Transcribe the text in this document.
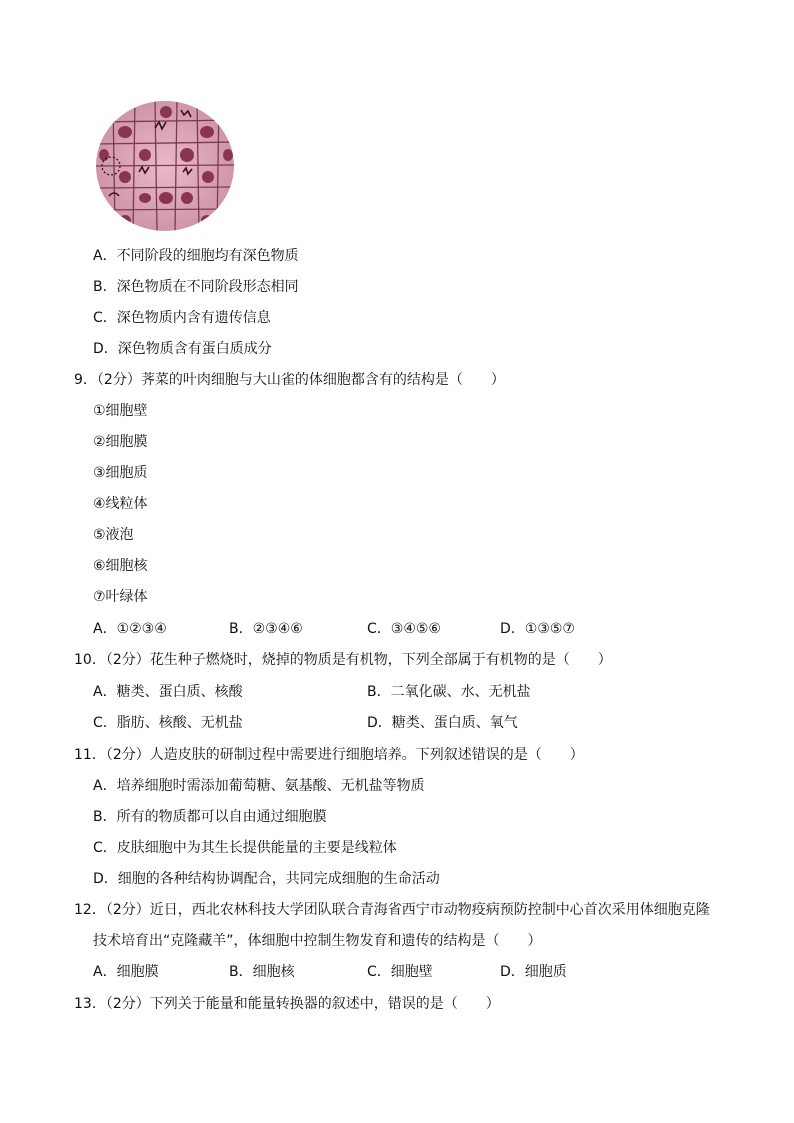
A．不同阶段的细胞均有深色物质
B．深色物质在不同阶段形态相同
C．深色物质内含有遗传信息
D．深色物质含有蛋白质成分
9．（2分）荠菜的叶肉细胞与大山雀的体细胞都含有的结构是（　　）
①细胞壁
②细胞膜
③细胞质
④线粒体
⑤液泡
⑥细胞核
⑦叶绿体
A．①②③④	B．②③④⑥	C．③④⑤⑥	D．①③⑤⑦
10．（2分）花生种子燃烧时，烧掉的物质是有机物，下列全部属于有机物的是（　　）
A．糖类、蛋白质、核酸	B．二氧化碳、水、无机盐
C．脂肪、核酸、无机盐	D．糖类、蛋白质、氧气
11．（2分）人造皮肤的研制过程中需要进行细胞培养。下列叙述错误的是（　　）
A．培养细胞时需添加葡萄糖、氨基酸、无机盐等物质
B．所有的物质都可以自由通过细胞膜
C．皮肤细胞中为其生长提供能量的主要是线粒体
D．细胞的各种结构协调配合，共同完成细胞的生命活动
12．（2分）近日，西北农林科技大学团队联合青海省西宁市动物疫病预防控制中心首次采用体细胞克隆
技术培育出“克隆藏羊”，体细胞中控制生物发育和遗传的结构是（　　）
A．细胞膜	B．细胞核	C．细胞壁	D．细胞质
13．（2分）下列关于能量和能量转换器的叙述中，错误的是（　　）
